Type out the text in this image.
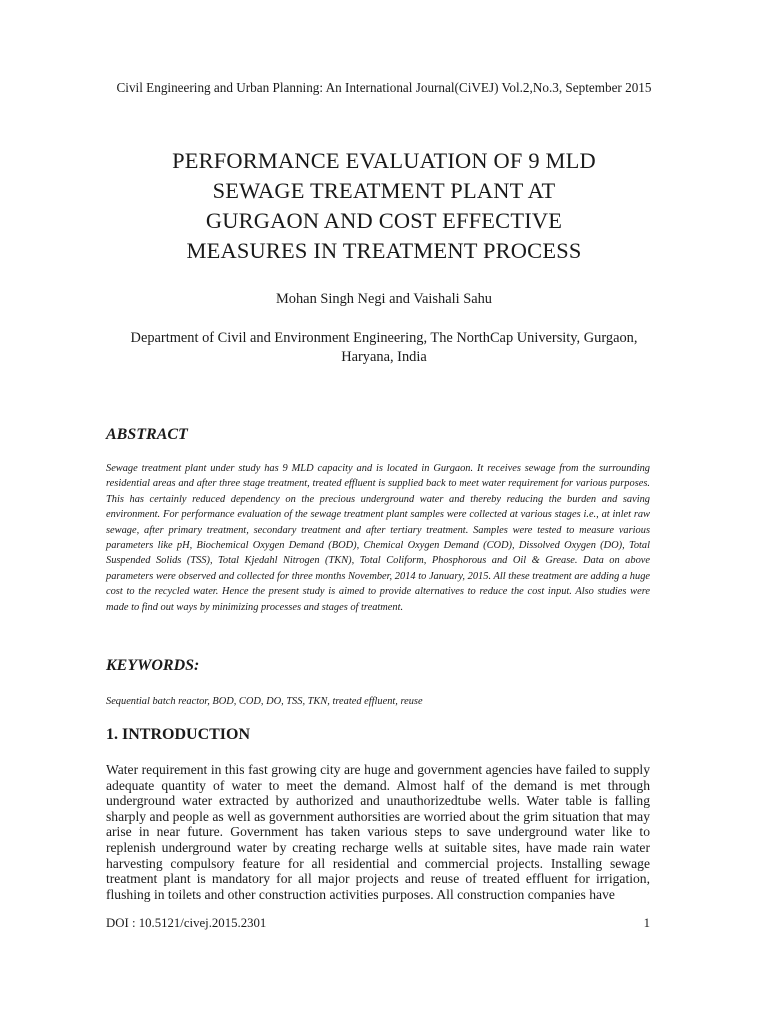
Civil Engineering and Urban Planning: An International Journal(CiVEJ) Vol.2,No.3, September 2015
PERFORMANCE EVALUATION OF 9 MLD
SEWAGE TREATMENT PLANT AT
GURGAON AND COST EFFECTIVE
MEASURES IN TREATMENT PROCESS
Mohan Singh Negi and Vaishali Sahu
Department of Civil and Environment Engineering, The NorthCap University, Gurgaon, Haryana, India
ABSTRACT

Sewage treatment plant under study has 9 MLD capacity and is located in Gurgaon. It receives sewage from the surrounding residential areas and after three stage treatment, treated effluent is supplied back to meet water requirement for various purposes. This has certainly reduced dependency on the precious underground water and thereby reducing the burden and saving environment. For performance evaluation of the sewage treatment plant samples were collected at various stages i.e., at inlet raw sewage, after primary treatment, secondary treatment and after tertiary treatment. Samples were tested to measure various parameters like pH, Biochemical Oxygen Demand (BOD), Chemical Oxygen Demand (COD), Dissolved Oxygen (DO), Total Suspended Solids (TSS), Total Kjedahl Nitrogen (TKN), Total Coliform, Phosphorous and Oil & Grease. Data on above parameters were observed and collected for three months November, 2014 to January, 2015. All these treatment are adding a huge cost to the recycled water. Hence the present study is aimed to provide alternatives to reduce the cost input. Also studies were made to find out ways by minimizing processes and stages of treatment.

KEYWORDS:

Sequential batch reactor, BOD, COD, DO, TSS, TKN, treated effluent, reuse

1. INTRODUCTION

Water requirement in this fast growing city are huge and government agencies have failed to supply adequate quantity of water to meet the demand. Almost half of the demand is met through underground water extracted by authorized and unauthorizedtube wells. Water table is falling sharply and people as well as government authorsities are worried about the grim situation that may arise in near future. Government has taken various steps to save underground water like to replenish underground water by creating recharge wells at suitable sites, have made rain water harvesting compulsory feature for all residential and commercial projects. Installing sewage treatment plant is mandatory for all major projects and reuse of treated effluent for irrigation, flushing in toilets and other construction activities purposes. All construction companies have

DOI : 10.5121/civej.2015.2301	1
